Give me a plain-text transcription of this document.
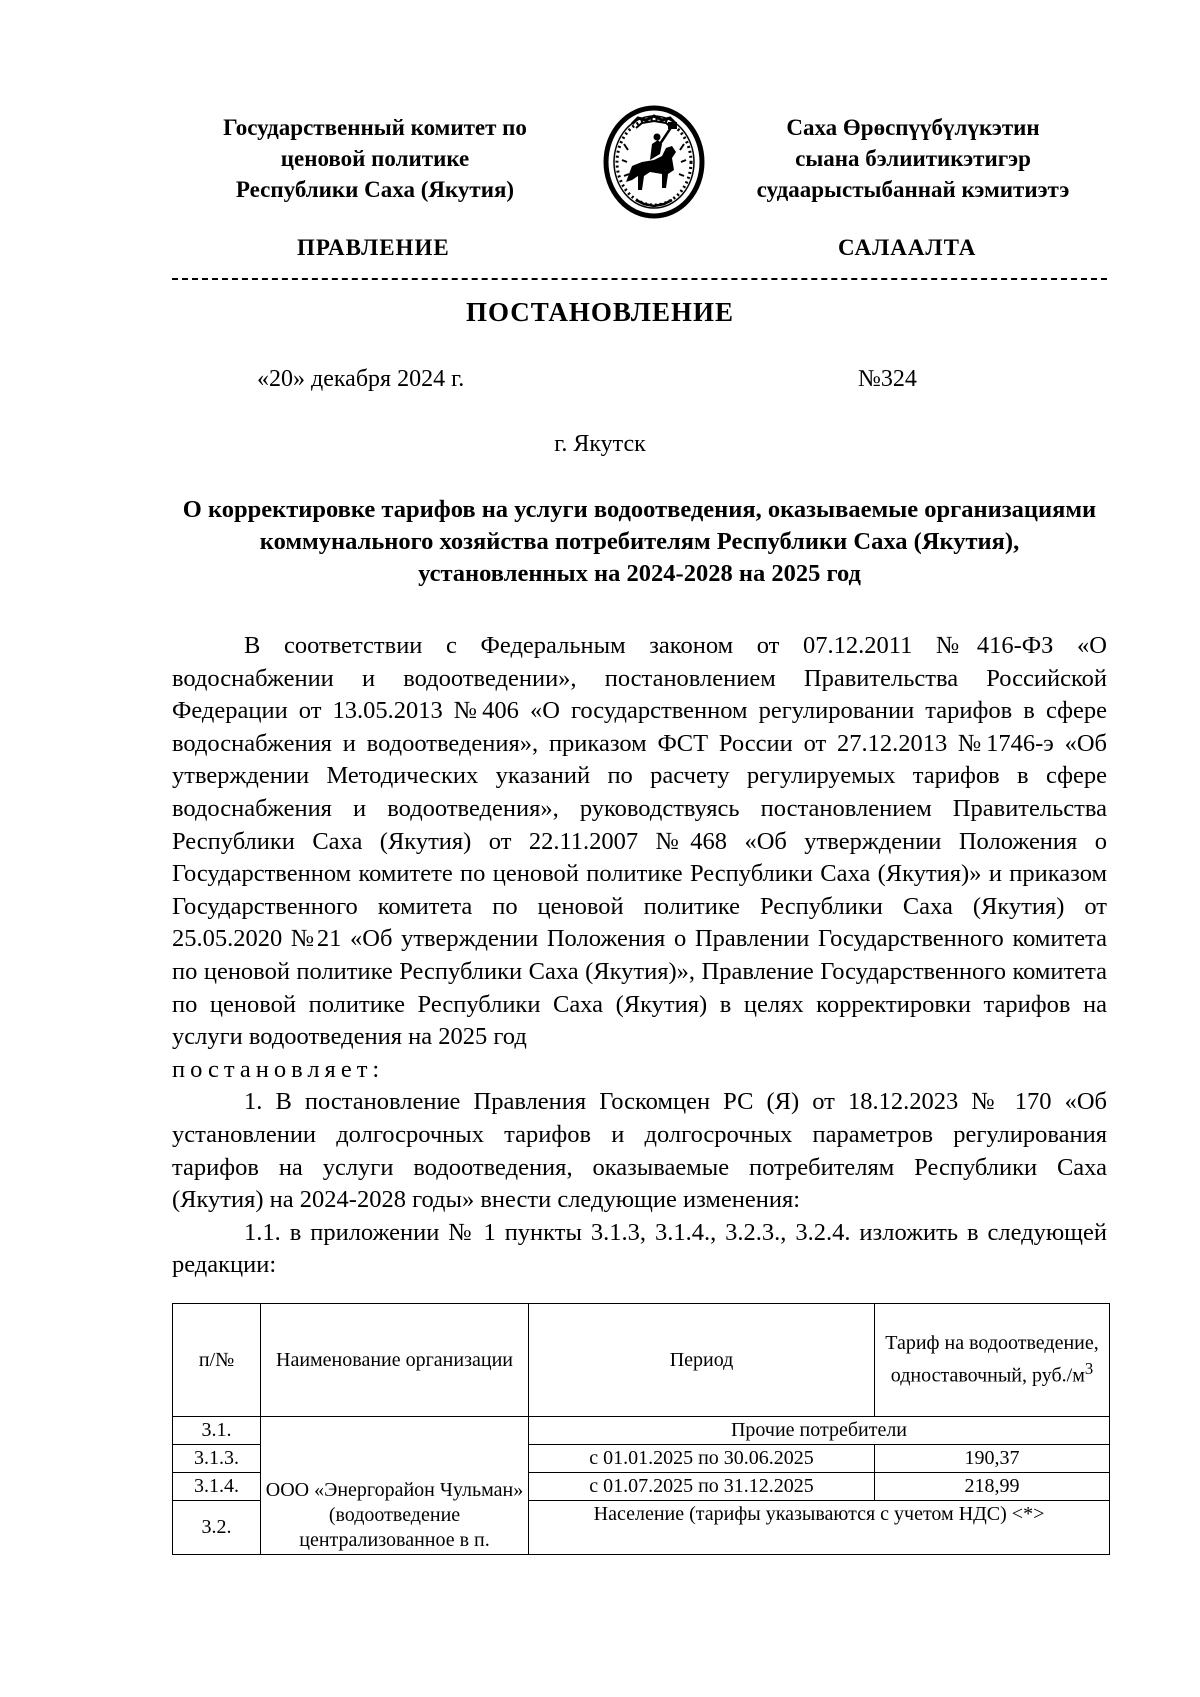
Государственный комитет по
ценовой политике
Республики Саха (Якутия)
Саха Өрөспүүбүлүкэтин
сыана бэлиитикэтигэр
судаарыстыбаннай кэмитиэтэ
ПРАВЛЕНИЕ	САЛААЛТА
ПОСТАНОВЛЕНИЕ
«20» декабря 2024 г.	№324
г. Якутск
О корректировке тарифов на услуги водоотведения, оказываемые организациями коммунального хозяйства потребителям Республики Саха (Якутия), установленных на 2024-2028 на 2025 год

В соответствии с Федеральным законом от 07.12.2011 №416-ФЗ «О водоснабжении и водоотведении», постановлением Правительства Российской Федерации от 13.05.2013 №406 «О государственном регулировании тарифов в сфере водоснабжения и водоотведения», приказом ФСТ России от 27.12.2013 №1746-э «Об утверждении Методических указаний по расчету регулируемых тарифов в сфере водоснабжения и водоотведения», руководствуясь постановлением Правительства Республики Саха (Якутия) от 22.11.2007 №468 «Об утверждении Положения о Государственном комитете по ценовой политике Республики Саха (Якутия)» и приказом Государственного комитета по ценовой политике Республики Саха (Якутия) от 25.05.2020 №21 «Об утверждении Положения о Правлении Государственного комитета по ценовой политике Республики Саха (Якутия)», Правление Государственного комитета по ценовой политике Республики Саха (Якутия) в целях корректировки тарифов на услуги водоотведения на 2025 год

постановляет:

1. В постановление Правления Госкомцен РС (Я) от 18.12.2023 № 170 «Об установлении долгосрочных тарифов и долгосрочных параметров регулирования тарифов на услуги водоотведения, оказываемые потребителям Республики Саха (Якутия) на 2024-2028 годы» внести следующие изменения:

1.1. в приложении № 1 пункты 3.1.3, 3.1.4., 3.2.3., 3.2.4. изложить в следующей редакции:

п/№	Наименование организации	Период	Тариф на водоотведение, одноставочный, $руб./м^3$
3.1.	ООО «Энергорайон Чульман» (водоотведение централизованное в п.	Прочие потребители	
3.1.3.		с 01.01.2025 по 30.06.2025	190,37
3.1.4.		с 01.07.2025 по 31.12.2025	218,99
3.2.		Население (тарифы указываются с учетом НДС) <*>	
